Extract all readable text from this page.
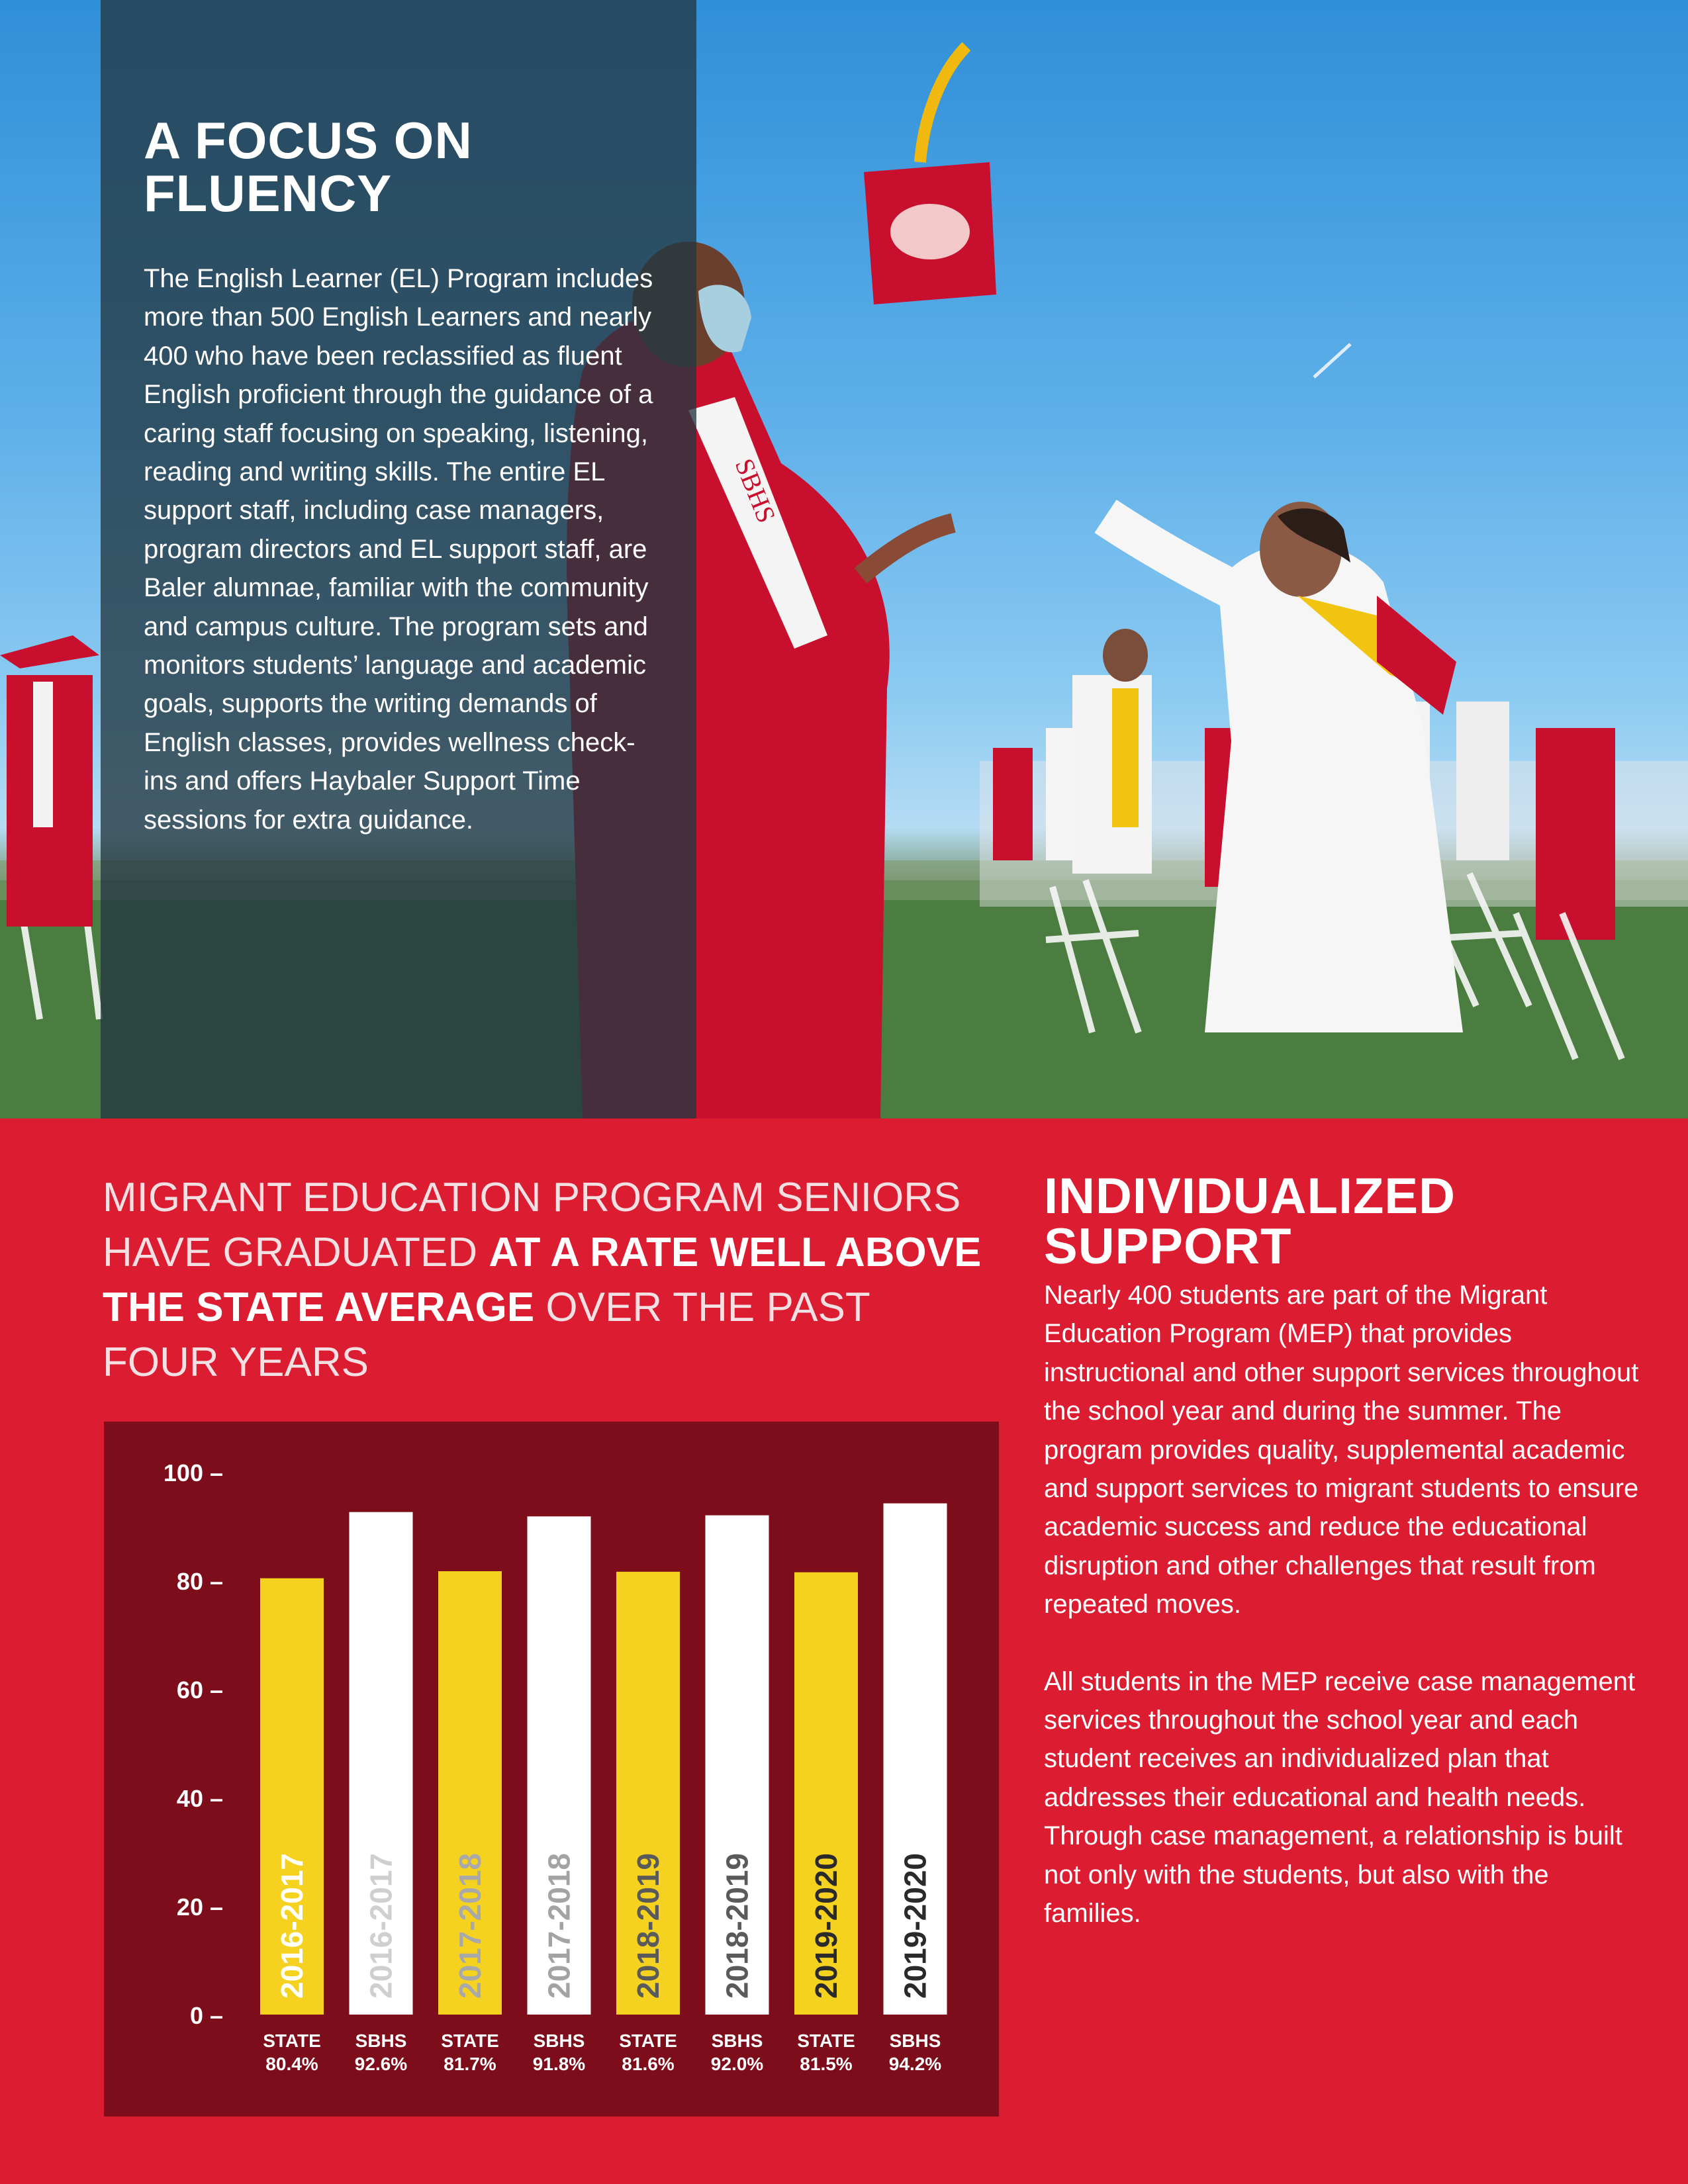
SBHS
A FOCUS ON
FLUENCY

The English Learner (EL) Program includes more than 500 English Learners and nearly 400 who have been reclassified as fluent English proficient through the guidance of a caring staff focusing on speaking, listening, reading and writing skills. The entire EL support staff, including case managers, program directors and EL support staff, are Baler alumnae, familiar with the community and campus culture. The program sets and monitors students’ language and academic goals, supports the writing demands of English classes, provides wellness check-ins and offers Haybaler Support Time sessions for extra guidance.

MIGRANT EDUCATION PROGRAM SENIORS HAVE GRADUATED AT A RATE WELL ABOVE THE STATE AVERAGE OVER THE PAST FOUR YEARS
100 –
80 –
60 –
40 –
20 –
0 –
2016-2017
STATE
80.4%
2016-2017
SBHS
92.6%
2017-2018
STATE
81.7%
2017-2018
SBHS
91.8%
2018-2019
STATE
81.6%
2018-2019
SBHS
92.0%
2019-2020
STATE
81.5%
2019-2020
SBHS
94.2%
INDIVIDUALIZED
SUPPORT

Nearly 400 students are part of the Migrant Education Program (MEP) that provides instructional and other support services throughout the school year and during the summer. The program provides quality, supplemental academic and support services to migrant students to ensure academic success and reduce the educational disruption and other challenges that result from repeated moves.

All students in the MEP receive case management services throughout the school year and each student receives an individualized plan that addresses their educational and health needs. Through case management, a relationship is built not only with the students, but also with the families.
